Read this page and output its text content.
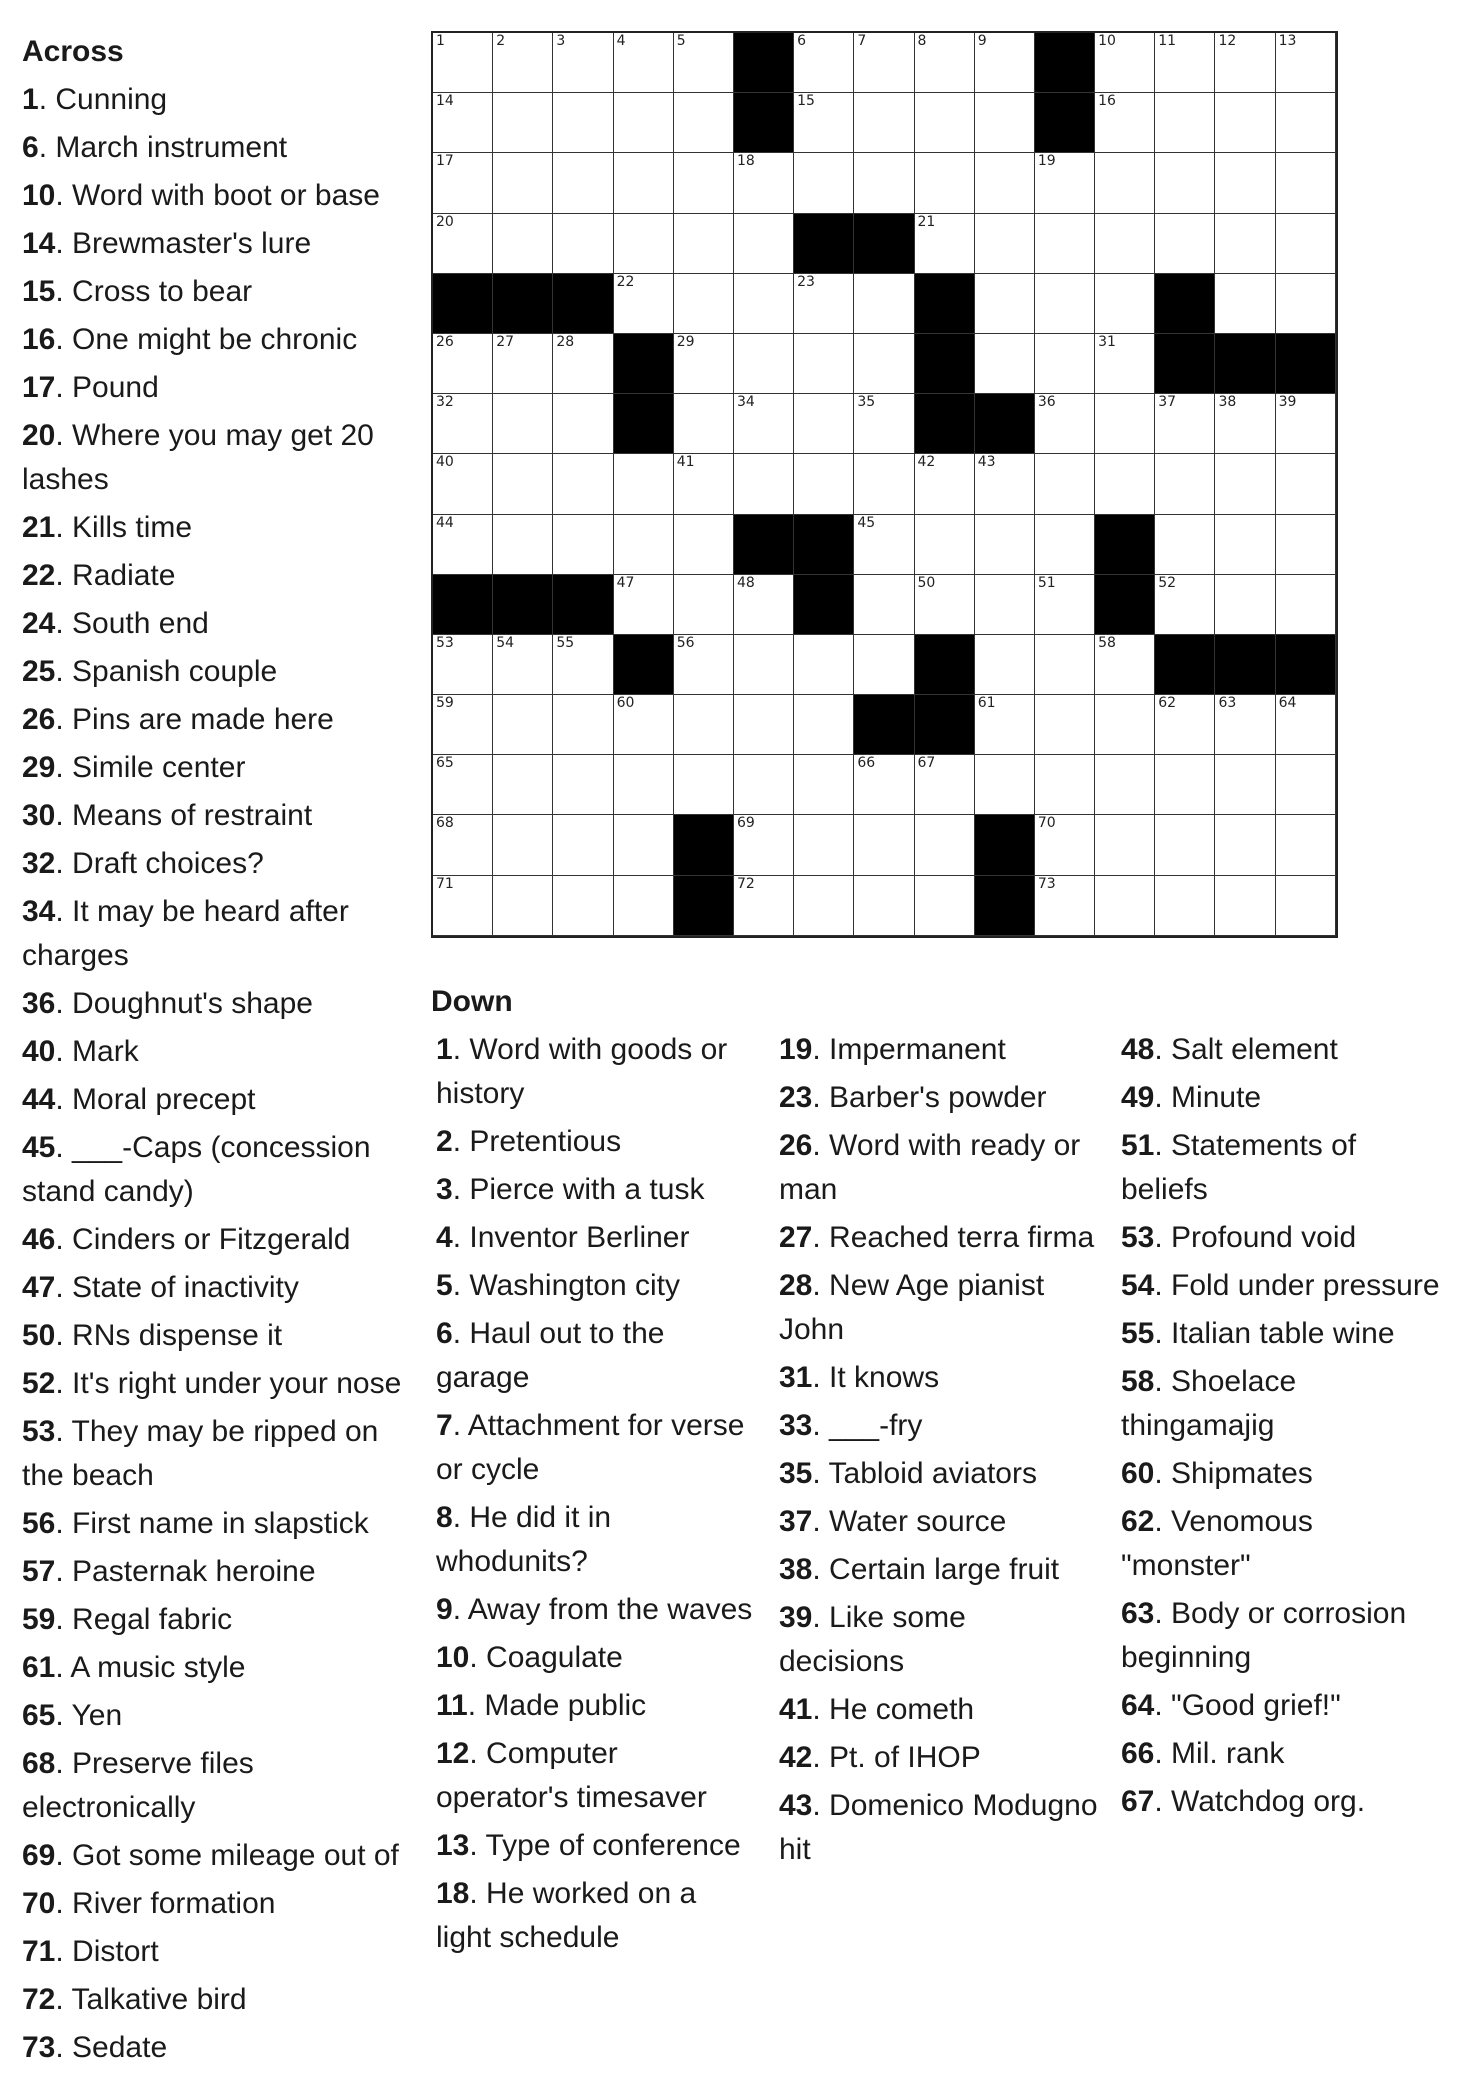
Across
1. Cunning
6. March instrument
10. Word with boot or base
14. Brewmaster's lure
15. Cross to bear
16. One might be chronic
17. Pound
20. Where you may get 20 lashes
21. Kills time
22. Radiate
24. South end
25. Spanish couple
26. Pins are made here
29. Simile center
30. Means of restraint
32. Draft choices?
34. It may be heard after charges
36. Doughnut's shape
40. Mark
44. Moral precept
45. ___-Caps (concession stand candy)
46. Cinders or Fitzgerald
47. State of inactivity
50. RNs dispense it
52. It's right under your nose
53. They may be ripped on the beach
56. First name in slapstick
57. Pasternak heroine
59. Regal fabric
61. A music style
65. Yen
68. Preserve files electronically
69. Got some mileage out of
70. River formation
71. Distort
72. Talkative bird
73. Sedate
1	2	3	4	5	6	7	8	9	10	11	12	13
14	15	16
17	18	19
20	21
22	23
26	27	28	29	31
32	34	35	36	37	38	39
40	41	42	43
44	45
47	48	50	51	52
53	54	55	56	58
59	60	61	62	63	64
65	66	67
68	69	70
71	72	73
Down
1. Word with goods or history
2. Pretentious
3. Pierce with a tusk
4. Inventor Berliner
5. Washington city
6. Haul out to the garage
7. Attachment for verse or cycle
8. He did it in whodunits?
9. Away from the waves
10. Coagulate
11. Made public
12. Computer operator's timesaver
13. Type of conference
18. He worked on a light schedule
19. Impermanent
23. Barber's powder
26. Word with ready or man
27. Reached terra firma
28. New Age pianist John
31. It knows
33. ___-fry
35. Tabloid aviators
37. Water source
38. Certain large fruit
39. Like some decisions
41. He cometh
42. Pt. of IHOP
43. Domenico Modugno hit
48. Salt element
49. Minute
51. Statements of beliefs
53. Profound void
54. Fold under pressure
55. Italian table wine
58. Shoelace thingamajig
60. Shipmates
62. Venomous "monster"
63. Body or corrosion beginning
64. "Good grief!"
66. Mil. rank
67. Watchdog org.
